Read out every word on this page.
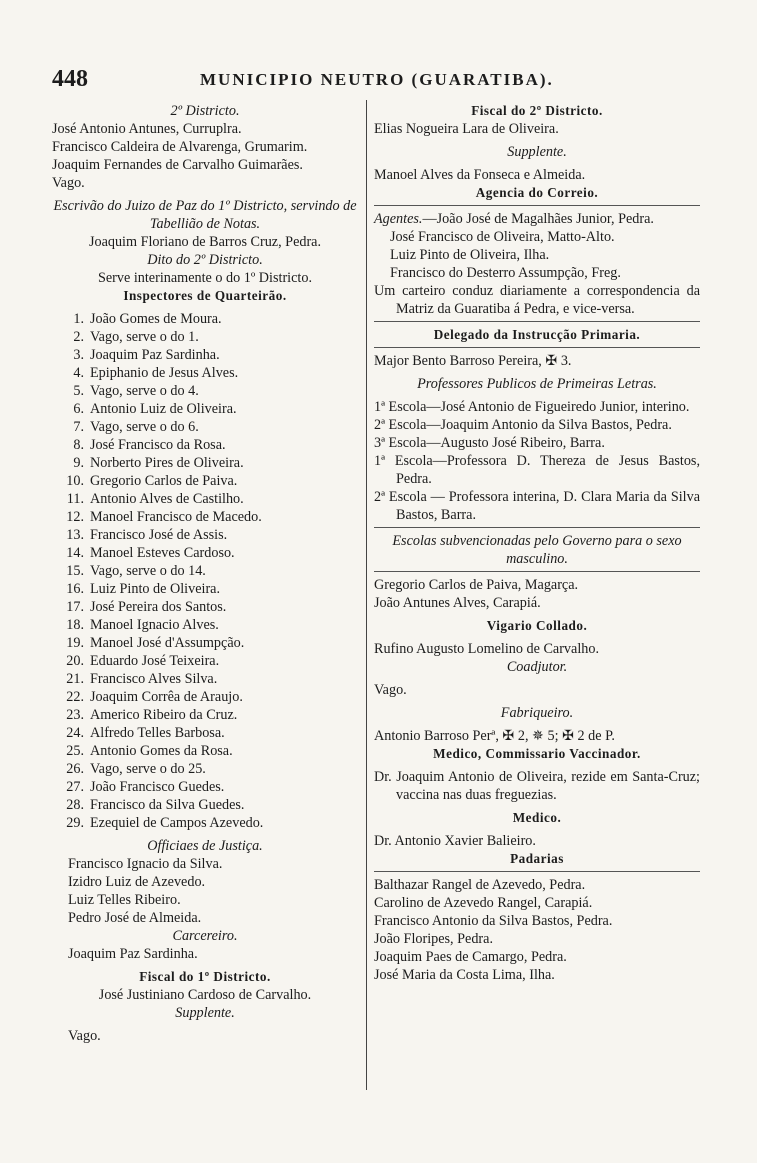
448	MUNICIPIO NEUTRO (GUARATIBA).

2º Districto.

José Antonio Antunes, Curruplra.

Francisco Caldeira de Alvarenga, Grumarim.

Joaquim Fernandes de Carvalho Guimarães.

Vago.

Escrivão do Juizo de Paz do 1º Districto, servindo de Tabellião de Notas.

Joaquim Floriano de Barros Cruz, Pedra.

Dito do 2º Districto.

Serve interinamente o do 1º Districto.

Inspectores de Quarteirão.

1. João Gomes de Moura.
2. Vago, serve o do 1.
3. Joaquim Paz Sardinha.
4. Epiphanio de Jesus Alves.
5. Vago, serve o do 4.
6. Antonio Luiz de Oliveira.
7. Vago, serve o do 6.
8. José Francisco da Rosa.
9. Norberto Pires de Oliveira.
10. Gregorio Carlos de Paiva.
11. Antonio Alves de Castilho.
12. Manoel Francisco de Macedo.
13. Francisco José de Assis.
14. Manoel Esteves Cardoso.
15. Vago, serve o do 14.
16. Luiz Pinto de Oliveira.
17. José Pereira dos Santos.
18. Manoel Ignacio Alves.
19. Manoel José d'Assumpção.
20. Eduardo José Teixeira.
21. Francisco Alves Silva.
22. Joaquim Corrêa de Araujo.
23. Americo Ribeiro da Cruz.
24. Alfredo Telles Barbosa.
25. Antonio Gomes da Rosa.
26. Vago, serve o do 25.
27. João Francisco Guedes.
28. Francisco da Silva Guedes.
29. Ezequiel de Campos Azevedo.

Officiaes de Justiça.

Francisco Ignacio da Silva.

Izidro Luiz de Azevedo.

Luiz Telles Ribeiro.

Pedro José de Almeida.

Carcereiro.

Joaquim Paz Sardinha.

Fiscal do 1º Districto.

José Justiniano Cardoso de Carvalho.

Supplente.

Vago.

Fiscal do 2º Districto.

Elias Nogueira Lara de Oliveira.

Supplente.

Manoel Alves da Fonseca e Almeida.

Agencia do Correio.

Agentes.—João José de Magalhães Junior, Pedra.

José Francisco de Oliveira, Matto-Alto.

Luiz Pinto de Oliveira, Ilha.

Francisco do Desterro Assumpção, Freg.

Um carteiro conduz diariamente a correspondencia da Matriz da Guaratiba á Pedra, e vice-versa.

Delegado da Instrucção Primaria.

Major Bento Barroso Pereira, ✠ 3.

Professores Publicos de Primeiras Letras.

1ª Escola—José Antonio de Figueiredo Junior, interino.

2ª Escola—Joaquim Antonio da Silva Bastos, Pedra.

3ª Escola—Augusto José Ribeiro, Barra.

1ª Escola—Professora D. Thereza de Jesus Bastos, Pedra.

2ª Escola — Professora interina, D. Clara Maria da Silva Bastos, Barra.

Escolas subvencionadas pelo Governo para o sexo masculino.

Gregorio Carlos de Paiva, Magarça.

João Antunes Alves, Carapiá.

Vigario Collado.

Rufino Augusto Lomelino de Carvalho.

Coadjutor.

Vago.

Fabriqueiro.

Antonio Barroso Perª, ✠ 2, ✵ 5; ✠ 2 de P.

Medico, Commissario Vaccinador.

Dr. Joaquim Antonio de Oliveira, rezide em Santa-Cruz; vaccina nas duas freguezias.

Medico.

Dr. Antonio Xavier Balieiro.

Padarias

Balthazar Rangel de Azevedo, Pedra.

Carolino de Azevedo Rangel, Carapiá.

Francisco Antonio da Silva Bastos, Pedra.

João Floripes, Pedra.

Joaquim Paes de Camargo, Pedra.

José Maria da Costa Lima, Ilha.
